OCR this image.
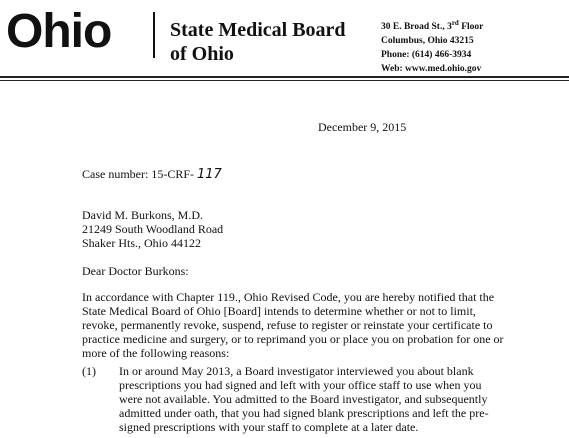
Ohio	State Medical Board
of Ohio
30 E. Broad St., 3rd Floor
Columbus, Ohio 43215
Phone: (614) 466-3934
Web: www.med.ohio.gov
December 9, 2015
Case number: 15-CRF- 117
David M. Burkons, M.D.
21249 South Woodland Road
Shaker Hts., Ohio 44122
Dear Doctor Burkons:
In accordance with Chapter 119., Ohio Revised Code, you are hereby notified that the
State Medical Board of Ohio [Board] intends to determine whether or not to limit,
revoke, permanently revoke, suspend, refuse to register or reinstate your certificate to
practice medicine and surgery, or to reprimand you or place you on probation for one or
more of the following reasons:
(1) In or around May 2013, a Board investigator interviewed you about blank
prescriptions you had signed and left with your office staff to use when you
were not available. You admitted to the Board investigator, and subsequently
admitted under oath, that you had signed blank prescriptions and left the pre-
signed prescriptions with your staff to complete at a later date.
